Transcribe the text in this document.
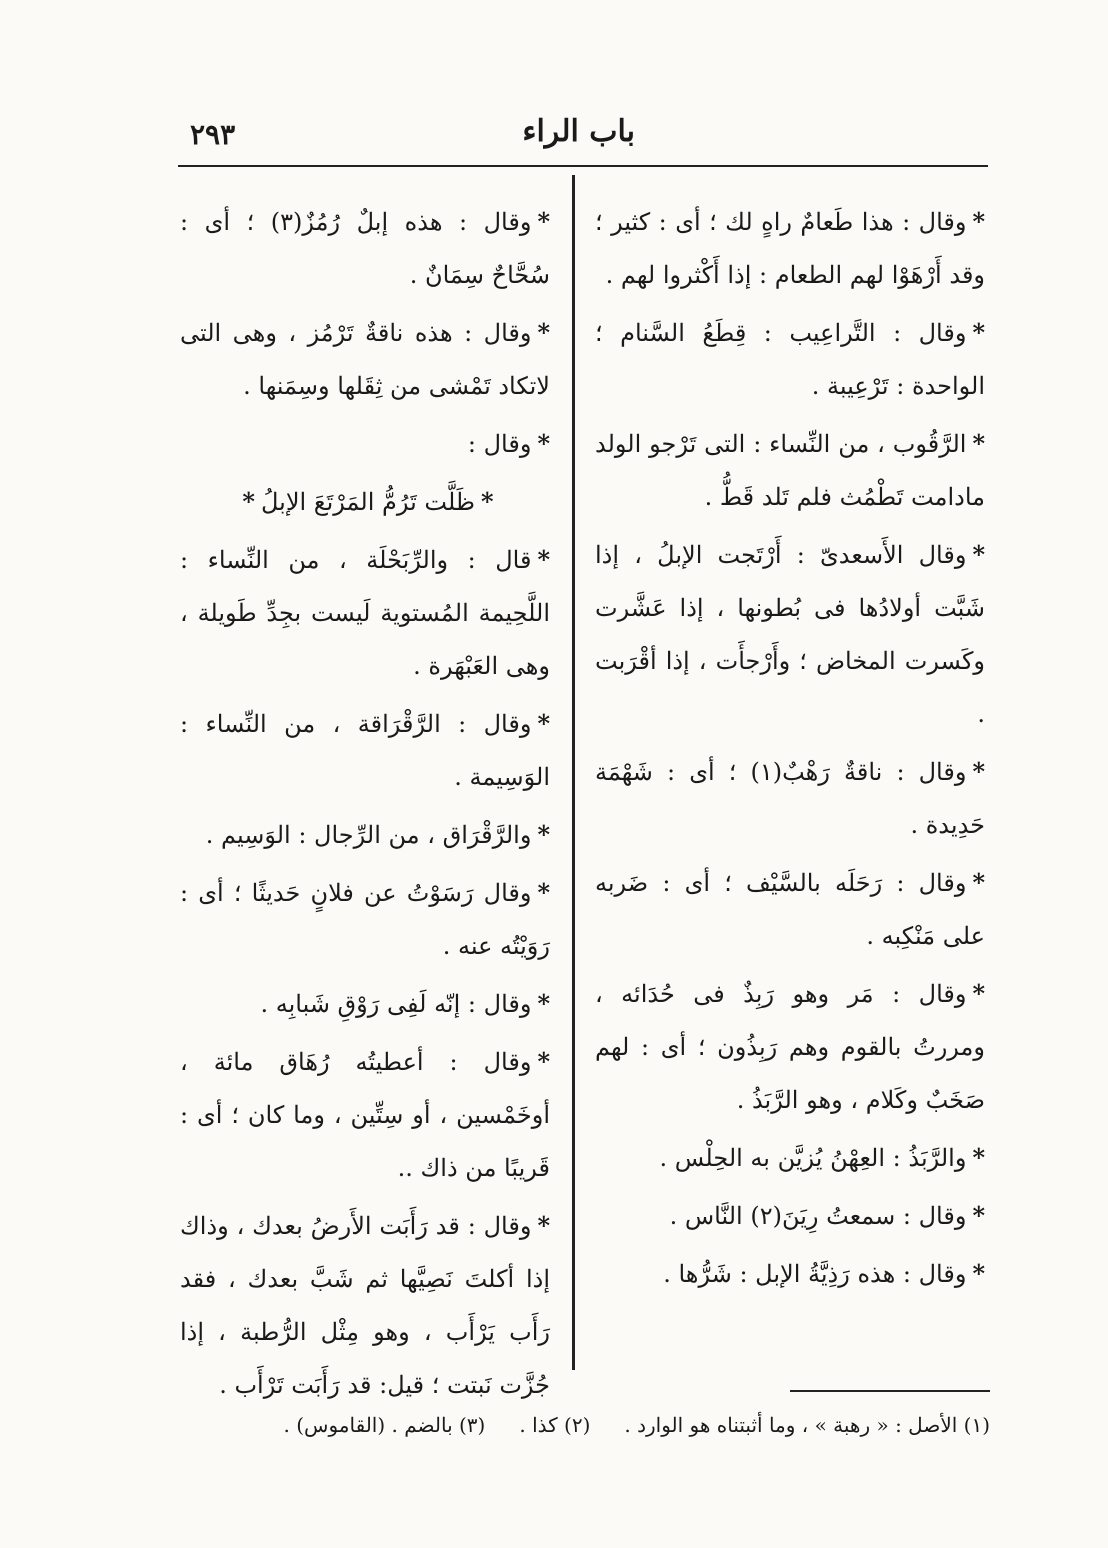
باب الراء
٢٩٣
*وقال : هذا طَعامٌ راهٍ لك ؛ أى : كثير ؛ وقد أَرْهَوْا لهم الطعام : إذا أَكْثروا لهم .
*وقال : التَّراعِيب : قِطَعُ السَّنام ؛ الواحدة : تَرْعِيبة .
*الرَّقُوب ، من النِّساء : التى تَرْجو الولد مادامت تَطْمُث فلم تَلد قَطُّ .
*وقال الأَسعدىّ : أَرْتَجت الإبلُ ، إذا شَبَّت أولادُها فى بُطونها ، إذا عَشَّرت وكَسرت المخاض ؛ وأَرْجأَت ، إذا أقْرَبت .
*وقال : ناقةٌ رَهْبٌ(١) ؛ أى : شَهْمَة حَدِيدة .
*وقال : رَحَلَه بالسَّيْف ؛ أى : ضَربه على مَنْكِبه .
*وقال : مَر وهو رَبِذٌ فى حُدَائه ، ومررتُ بالقوم وهم رَبِذُون ؛ أى : لهم صَخَبٌ وكَلام ، وهو الرَّبَذُ .
*والرَّبَذُ : العِهْنُ يُزيَّن به الحِلْس .
*وقال : سمعتُ رِيَنَ(٢) النَّاس .
*وقال : هذه رَذِيَّةُ الإبل : شَرُّها .
*وقال : هذه إبلٌ رُمُزٌ(٣) ؛ أى : سُحَّاحٌ سِمَانٌ .
*وقال : هذه ناقةٌ تَرْمُز ، وهى التى لاتكاد تَمْشى من ثِقَلها وسِمَنها .
*وقال :
*ظَلَّت تَرُمُّ المَرْتَعَ الإبلُ*
*قال : والرِّبَحْلَة ، من النِّساء : اللَّحِيمة المُستوية لَيست بجِدِّ طَويلة ، وهى العَبْهَرة .
*وقال : الرَّقْرَاقة ، من النِّساء : الوَسِيمة .
*والرَّقْرَاق ، من الرِّجال : الوَسِيم .
*وقال رَسَوْتُ عن فلانٍ حَديثًا ؛ أى : رَوَيْتُه عنه .
*وقال : إنّه لَفِى رَوْقِ شَبابِه .
*وقال : أعطيتُه رُهَاق مائة ، أوخَمْسين ، أو سِتِّين ، وما كان ؛ أى : قَريبًا من ذاك ..
*وقال : قد رَأَبَت الأَرضُ بعدك ، وذاك إذا أكلتَ نَصِيَّها ثم شَبَّ بعدك ، فقد رَأَب يَرْأَب ، وهو مِثْل الرُّطبة ، إذا جُزَّت نَبتت ؛ قيل: قد رَأَبَت تَرْأَب .
(١) الأصل : « رهبة » ، وما أثبتناه هو الوارد .(٢) كذا .(٣) بالضم . (القاموس) .
